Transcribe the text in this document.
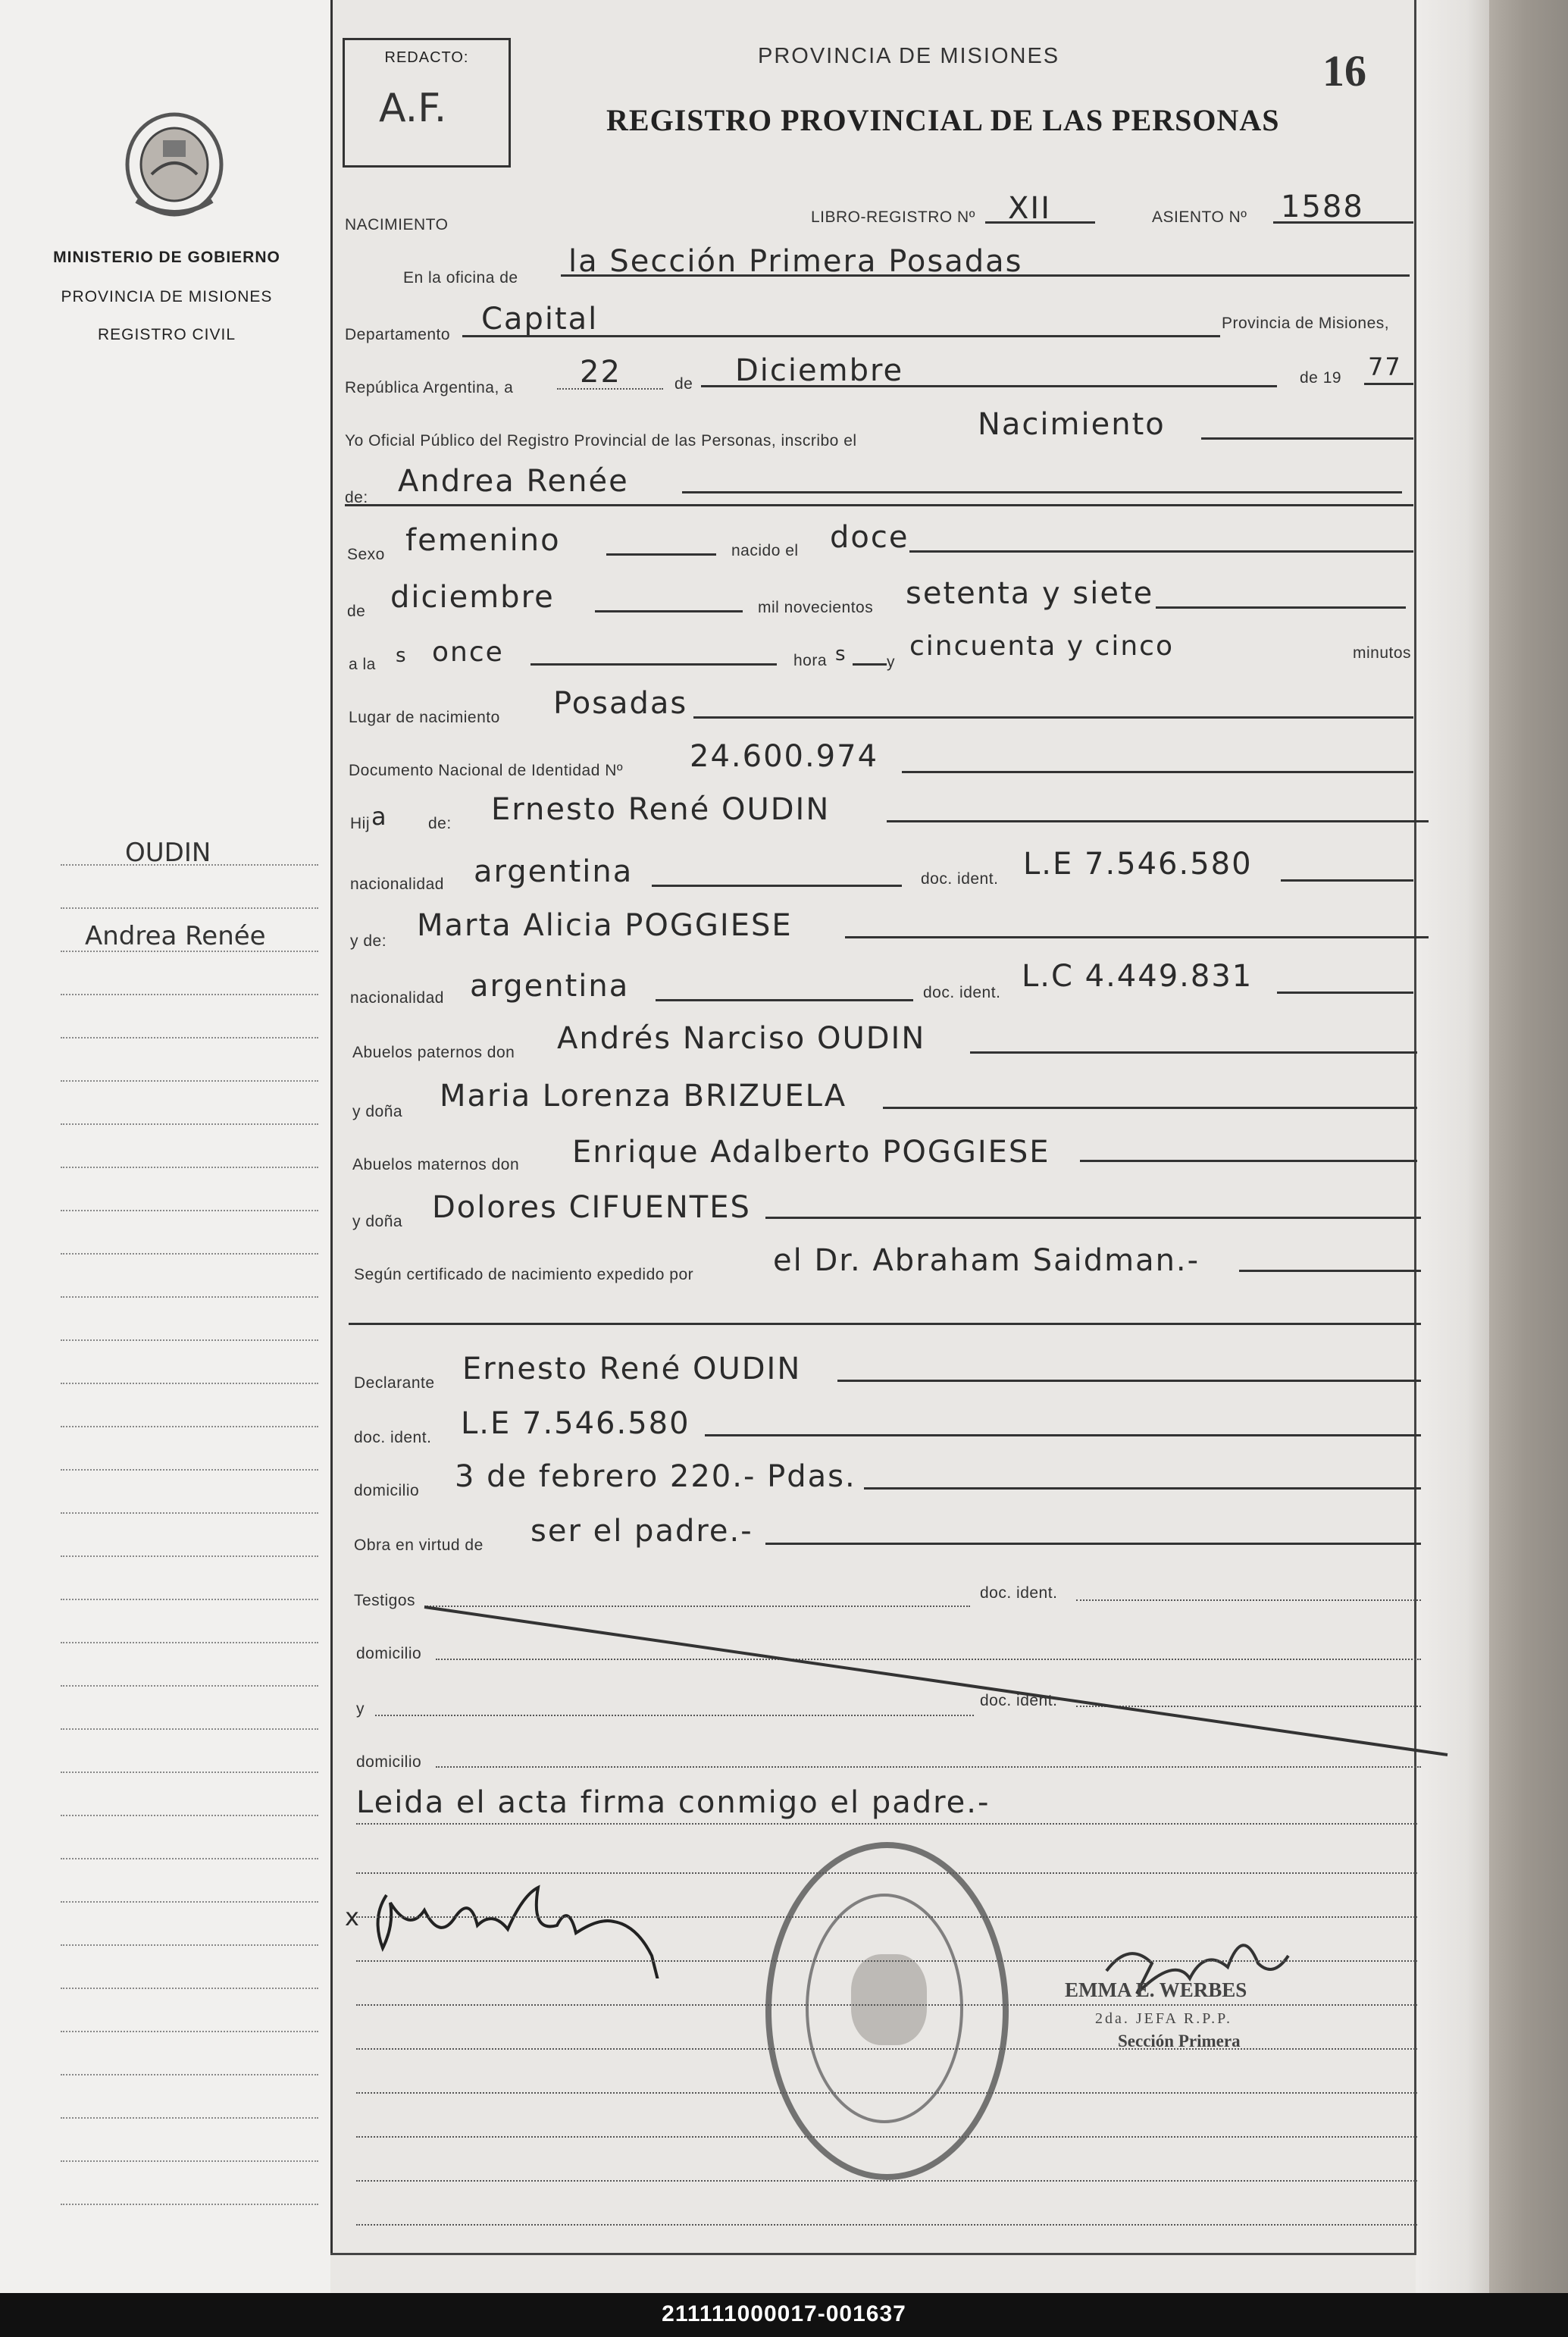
MINISTERIO DE GOBIERNO
PROVINCIA DE MISIONES
REGISTRO CIVIL
OUDIN
Andrea Renée
REDACTO:
A.F.
PROVINCIA DE MISIONES
REGISTRO PROVINCIAL DE LAS PERSONAS
16
NACIMIENTO	LIBRO-REGISTRO Nº XII	ASIENTO Nº 1588
En la oficina de la Sección Primera Posadas
Departamento Capital	Provincia de Misiones,
República Argentina, a 22	de Diciembre	de 19 77
Yo Oficial Público del Registro Provincial de las Personas, inscribo el	Nacimiento
de: Andrea Renée
Sexo femenino	nacido el doce
de diciembre	mil novecientos setenta y siete
a la s once	hora s y
cincuenta y cinco	minutos
Lugar de nacimiento Posadas
Documento Nacional de Identidad Nº 24.600.974
Hij a	de: Ernesto René OUDIN
nacionalidad argentina	doc. ident. L.E 7.546.580
y de: Marta Alicia POGGIESE
nacionalidad argentina	doc. ident. L.C 4.449.831
Abuelos paternos don Andrés Narciso OUDIN
y doña Maria Lorenza BRIZUELA
Abuelos maternos don Enrique Adalberto POGGIESE
y doña Dolores CIFUENTES
Según certificado de nacimiento expedido por	el Dr. Abraham Saidman.-
Declarante Ernesto René OUDIN
doc. ident. L.E 7.546.580
domicilio 3 de febrero 220.- Pdas.
Obra en virtud de ser el padre.-
Testigos	doc. ident.
domicilio
y	doc. ident.
domicilio
Leida el acta firma conmigo el padre.-
x
EMMA E. WERBES
2da. JEFA R.P.P.
Sección Primera
211111000017-001637
